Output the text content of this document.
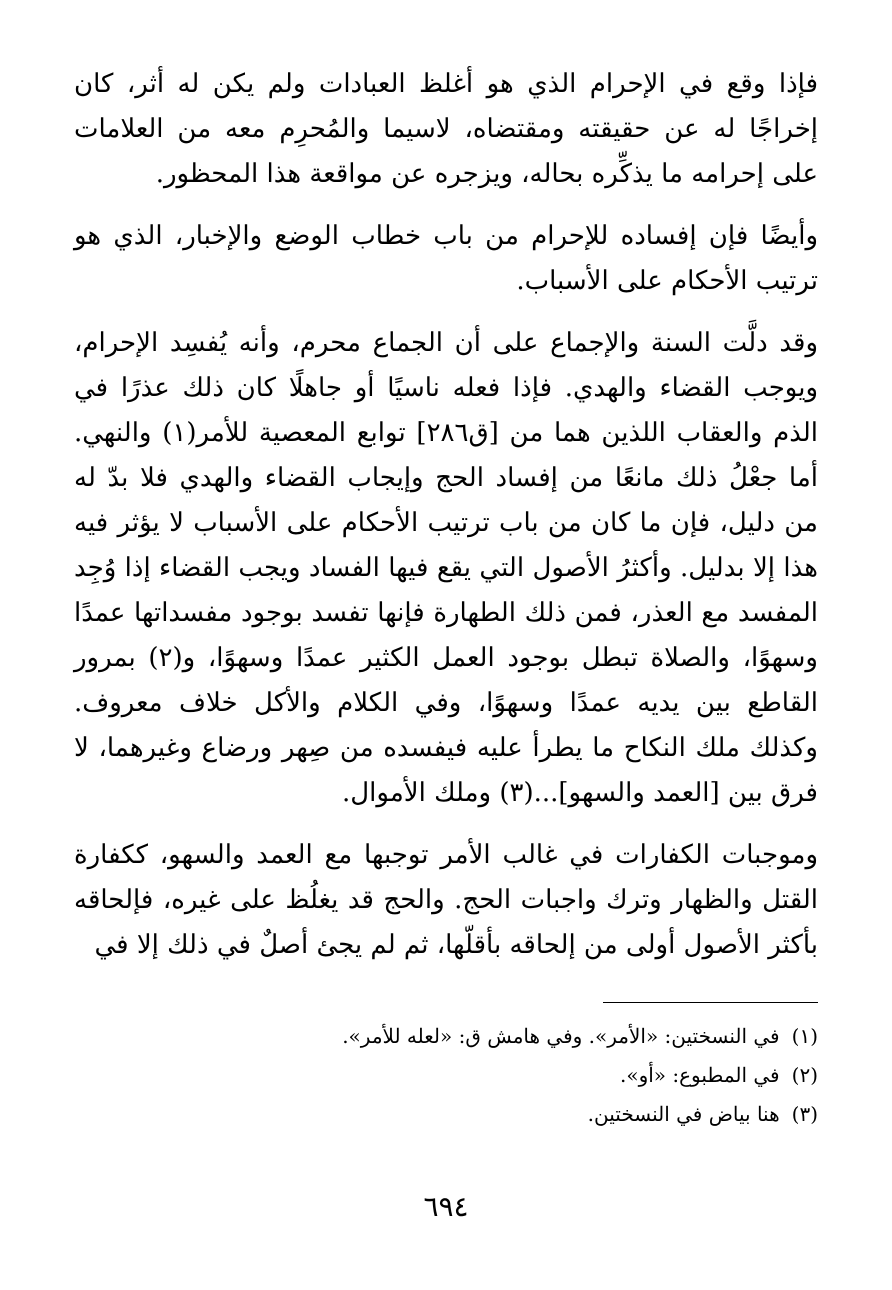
فإذا وقع في الإحرام الذي هو أغلظ العبادات ولم يكن له أثر، كان إخراجًا له عن حقيقته ومقتضاه، لاسيما والمُحرِم معه من العلامات على إحرامه ما يذكِّره بحاله، ويزجره عن مواقعة هذا المحظور.

وأيضًا فإن إفساده للإحرام من باب خطاب الوضع والإخبار، الذي هو ترتيب الأحكام على الأسباب.

وقد دلَّت السنة والإجماع على أن الجماع محرم، وأنه يُفسِد الإحرام، ويوجب القضاء والهدي. فإذا فعله ناسيًا أو جاهلًا كان ذلك عذرًا في الذم والعقاب اللذين هما من [ق٢٨٦] توابع المعصية للأمر(١) والنهي. أما جعْلُ ذلك مانعًا من إفساد الحج وإيجاب القضاء والهدي فلا بدّ له من دليل، فإن ما كان من باب ترتيب الأحكام على الأسباب لا يؤثر فيه هذا إلا بدليل. وأكثرُ الأصول التي يقع فيها الفساد ويجب القضاء إذا وُجِد المفسد مع العذر، فمن ذلك الطهارة فإنها تفسد بوجود مفسداتها عمدًا وسهوًا، والصلاة تبطل بوجود العمل الكثير عمدًا وسهوًا، و(٢) بمرور القاطع بين يديه عمدًا وسهوًا، وفي الكلام والأكل خلاف معروف. وكذلك ملك النكاح ما يطرأ عليه فيفسده من صِهر ورضاع وغيرهما، لا فرق بين [العمد والسهو]...(٣) وملك الأموال.

وموجبات الكفارات في غالب الأمر توجبها مع العمد والسهو، ككفارة القتل والظهار وترك واجبات الحج. والحج قد يغلُظ على غيره، فإلحاقه بأكثر الأصول أولى من إلحاقه بأقلّها، ثم لم يجئ أصلٌ في ذلك إلا في

(١)في النسختين: «الأمر». وفي هامش ق: «لعله للأمر».
(٢)في المطبوع: «أو».
(٣)هنا بياض في النسختين.
٦٩٤
